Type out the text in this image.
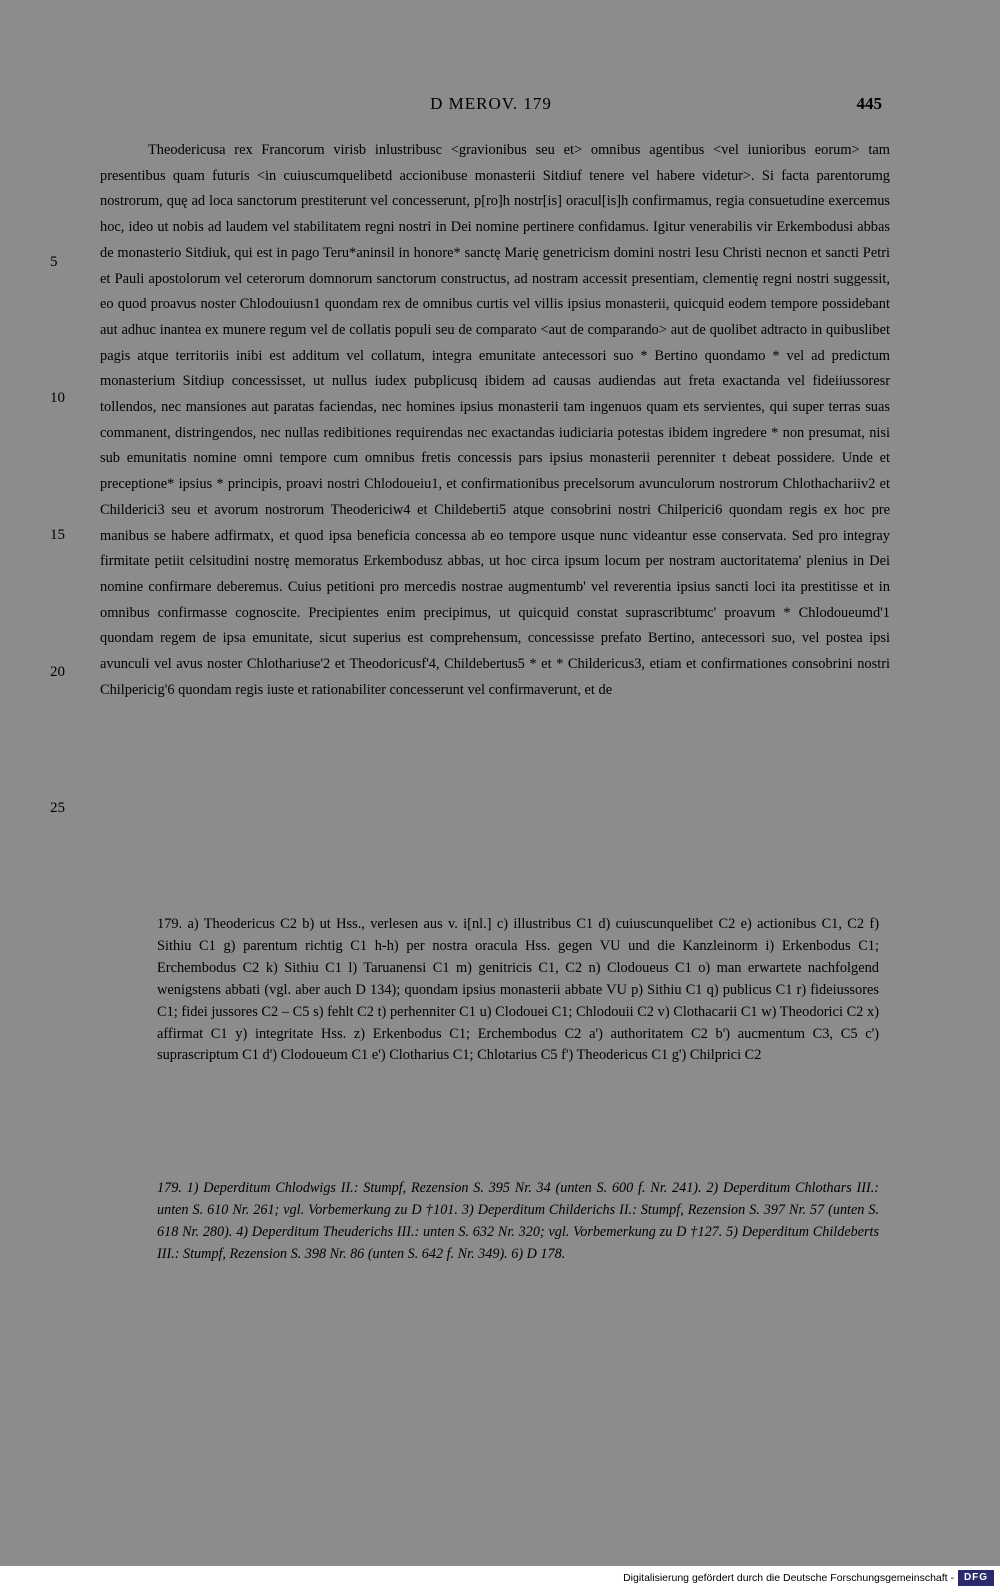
D MEROV. 179	445
5
10
15
20
25

Theodericusa rex Francorum virisb inlustribusc <gravionibus seu et> omnibus agentibus <vel iunioribus eorum> tam presentibus quam futuris <in cuiuscumquelibetd accionibuse monasterii Sitdiuf tenere vel habere videtur>. Si facta parentorumg nostrorum, quę ad loca sanctorum prestiterunt vel concesserunt, p[ro]h nostr[is] oracul[is]h confirmamus, regia consuetudine exercemus hoc, ideo ut nobis ad laudem vel stabilitatem regni nostri in Dei nomine pertinere confidamus. Igitur venerabilis vir Erkembodusi abbas de monasterio Sitdiuk, qui est in pago Teru*aninsil in honore* sanctę Marię genetricism domini nostri Iesu Christi necnon et sancti Petri et Pauli apostolorum vel ceterorum domnorum sanctorum constructus, ad nostram accessit presentiam, clementię regni nostri suggessit, eo quod proavus noster Chlodouiusn1 quondam rex de omnibus curtis vel villis ipsius monasterii, quicquid eodem tempore possidebant aut adhuc inantea ex munere regum vel de collatis populi seu de comparato <aut de comparando> aut de quolibet adtracto in quibuslibet pagis atque territoriis inibi est additum vel collatum, integra emunitate antecessori suo * Bertino quondamo * vel ad predictum monasterium Sitdiup concessisset, ut nullus iudex pubplicusq ibidem ad causas audiendas aut freta exactanda vel fideiiussoresr tollendos, nec mansiones aut paratas faciendas, nec homines ipsius monasterii tam ingenuos quam ets servientes, qui super terras suas commanent, distringendos, nec nullas redibitiones requirendas nec exactandas iudiciaria potestas ibidem ingredere * non presumat, nisi sub emunitatis nomine omni tempore cum omnibus fretis concessis pars ipsius monasterii perenniter t debeat possidere. Unde et preceptione* ipsius * principis, proavi nostri Chlodoueiu1, et confirmationibus precelsorum avunculorum nostrorum Chlothachariiv2 et Childerici3 seu et avorum nostrorum Theodericiw4 et Childeberti5 atque consobrini nostri Chilperici6 quondam regis ex hoc pre manibus se habere adfirmatx, et quod ipsa beneficia concessa ab eo tempore usque nunc videantur esse conservata. Sed pro integray firmitate petiit celsitudini nostrę memoratus Erkembodusz abbas, ut hoc circa ipsum locum per nostram auctoritatema' plenius in Dei nomine confirmare deberemus. Cuius petitioni pro mercedis nostrae augmentumb' vel reverentia ipsius sancti loci ita prestitisse et in omnibus confirmasse cognoscite. Precipientes enim precipimus, ut quicquid constat suprascribtumc' proavum * Chlodoueumd'1 quondam regem de ipsa emunitate, sicut superius est comprehensum, concessisse prefato Bertino, antecessori suo, vel postea ipsi avunculi vel avus noster Chlothariuse'2 et Theodoricusf'4, Childebertus5 * et * Childericus3, etiam et confirmationes consobrini nostri Chilpericig'6 quondam regis iuste et rationabiliter concesserunt vel confirmaverunt, et de

179. a) Theodericus C2 b) ut Hss., verlesen aus v. i[nl.] c) illustribus C1 d) cuiuscunquelibet C2 e) actionibus C1, C2 f) Sithiu C1 g) parentum richtig C1 h-h) per nostra oracula Hss. gegen VU und die Kanzleinorm i) Erkenbodus C1; Erchembodus C2 k) Sithiu C1 l) Taruanensi C1 m) genitricis C1, C2 n) Clodoueus C1 o) man erwartete nachfolgend wenigstens abbati (vgl. aber auch D 134); quondam ipsius monasterii abbate VU p) Sithiu C1 q) publicus C1 r) fideiussores C1; fidei jussores C2 – C5 s) fehlt C2 t) perhenniter C1 u) Clodouei C1; Chlodouii C2 v) Clothacarii C1 w) Theodorici C2 x) affirmat C1 y) integritate Hss. z) Erkenbodus C1; Erchembodus C2 a') authoritatem C2 b') aucmentum C3, C5 c') suprascriptum C1 d') Clodoueum C1 e') Clotharius C1; Chlotarius C5 f') Theodericus C1 g') Chilprici C2
179. 1) Deperditum Chlodwigs II.: Stumpf, Rezension S. 395 Nr. 34 (unten S. 600 f. Nr. 241). 2) Deperditum Chlothars III.: unten S. 610 Nr. 261; vgl. Vorbemerkung zu D †101. 3) Deperditum Childerichs II.: Stumpf, Rezension S. 397 Nr. 57 (unten S. 618 Nr. 280). 4) Deperditum Theuderichs III.: unten S. 632 Nr. 320; vgl. Vorbemerkung zu D †127. 5) Deperditum Childeberts III.: Stumpf, Rezension S. 398 Nr. 86 (unten S. 642 f. Nr. 349). 6) D 178.
Digitalisierung gefördert durch die Deutsche Forschungsgemeinschaft - DFG
